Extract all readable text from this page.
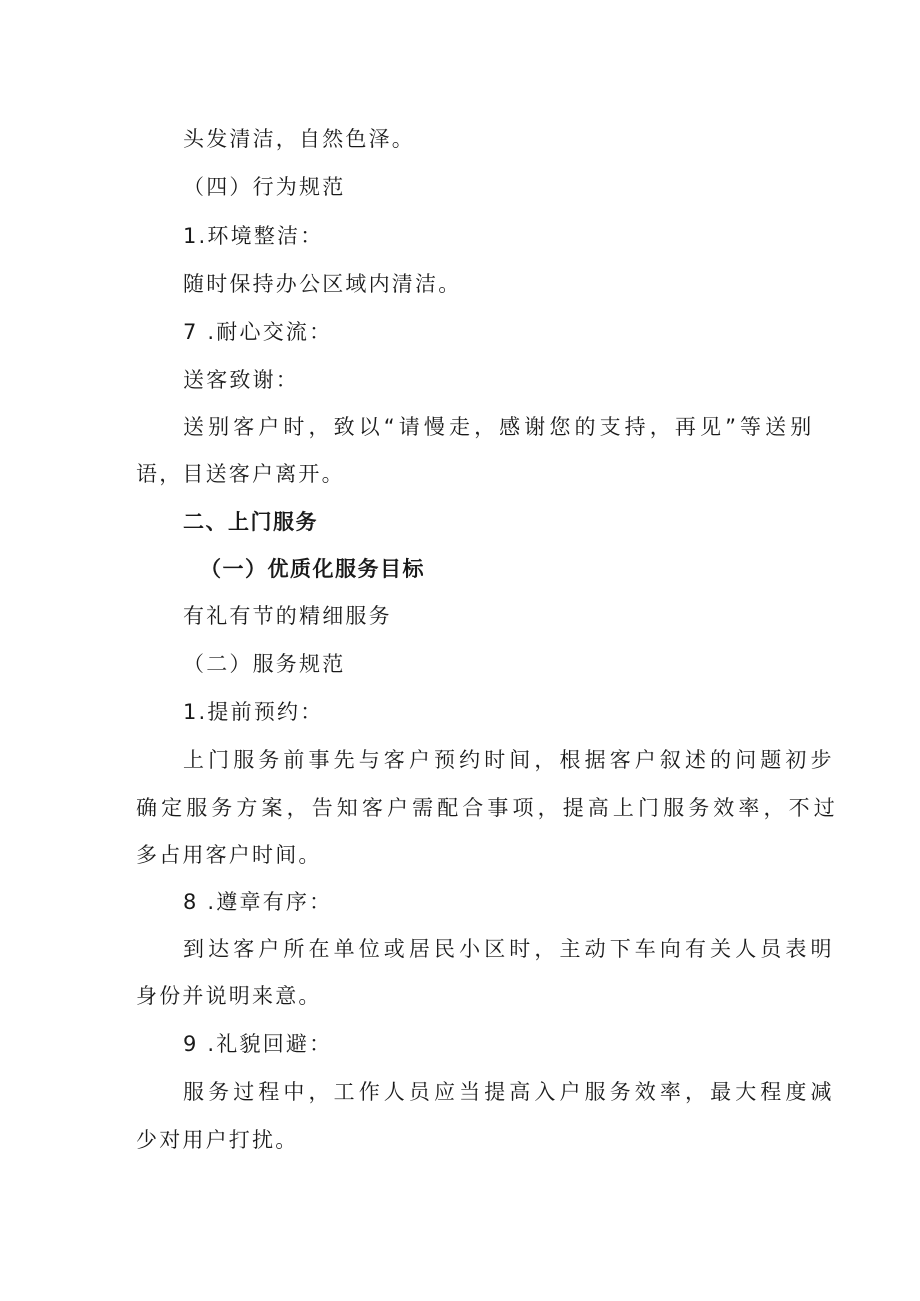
头发清洁，自然色泽。
（四）行为规范
1.环境整洁：
随时保持办公区域内清洁。
7 .耐心交流：
送客致谢：
送别客户时，致以“请慢走，感谢您的支持，再见”等送别
语，目送客户离开。
二、上门服务
（一）优质化服务目标
有礼有节的精细服务
（二）服务规范
1.提前预约：
上门服务前事先与客户预约时间，根据客户叙述的问题初步
确定服务方案，告知客户需配合事项，提高上门服务效率，不过
多占用客户时间。
8 .遵章有序：
到达客户所在单位或居民小区时，主动下车向有关人员表明
身份并说明来意。
9 .礼貌回避：
服务过程中，工作人员应当提高入户服务效率，最大程度减
少对用户打扰。
